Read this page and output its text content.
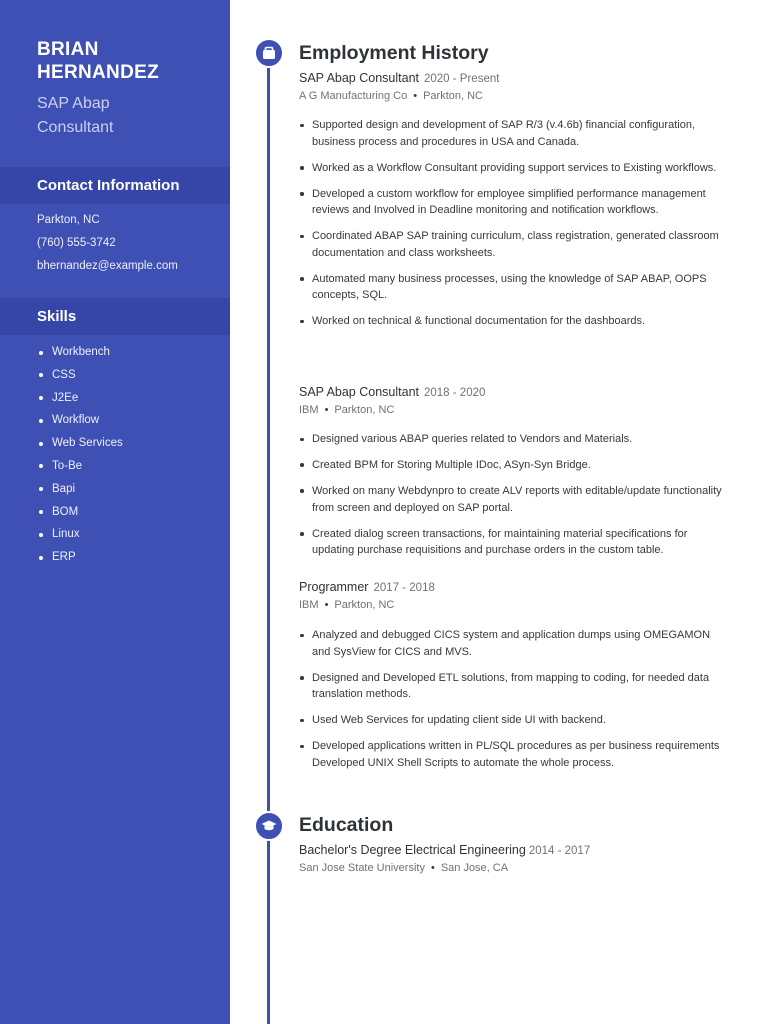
BRIAN
HERNANDEZ
SAP Abap
Consultant
Contact Information
Parkton, NC
(760) 555-3742
bhernandez@example.com
Skills
Workbench
CSS
J2Ee
Workflow
Web Services
To-Be
Bapi
BOM
Linux
ERP
Employment History
SAP Abap Consultant 2020 - Present
A G Manufacturing Co • Parkton, NC
Supported design and development of SAP R/3 (v.4.6b) financial configuration, business process and procedures in USA and Canada.
Worked as a Workflow Consultant providing support services to Existing workflows.
Developed a custom workflow for employee simplified performance management reviews and Involved in Deadline monitoring and notification workflows.
Coordinated ABAP SAP training curriculum, class registration, generated classroom documentation and class worksheets.
Automated many business processes, using the knowledge of SAP ABAP, OOPS concepts, SQL.
Worked on technical & functional documentation for the dashboards.
SAP Abap Consultant 2018 - 2020
IBM • Parkton, NC
Designed various ABAP queries related to Vendors and Materials.
Created BPM for Storing Multiple IDoc, ASyn-Syn Bridge.
Worked on many Webdynpro to create ALV reports with editable/update functionality from screen and deployed on SAP portal.
Created dialog screen transactions, for maintaining material specifications for updating purchase requisitions and purchase orders in the custom table.
Programmer 2017 - 2018
IBM • Parkton, NC
Analyzed and debugged CICS system and application dumps using OMEGAMON and SysView for CICS and MVS.
Designed and Developed ETL solutions, from mapping to coding, for needed data translation methods.
Used Web Services for updating client side UI with backend.
Developed applications written in PL/SQL procedures as per business requirements Developed UNIX Shell Scripts to automate the whole process.
Education
Bachelor's Degree Electrical Engineering 2014 - 2017
San Jose State University • San Jose, CA
